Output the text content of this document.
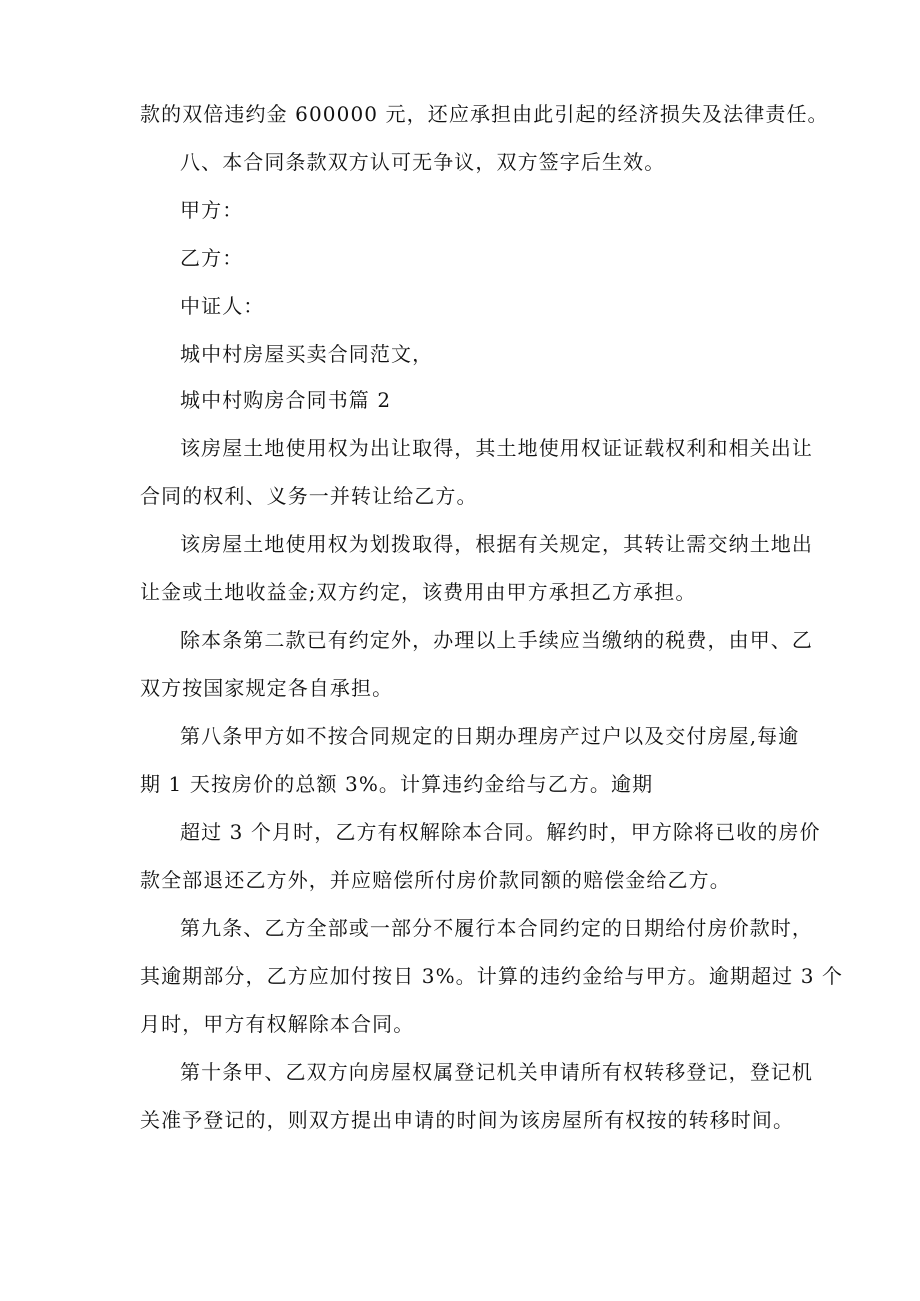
款的双倍违约金 600000 元，还应承担由此引起的经济损失及法律责任。

八、本合同条款双方认可无争议，双方签字后生效。

甲方：

乙方：

中证人：

城中村房屋买卖合同范文，

城中村购房合同书篇 2

该房屋土地使用权为出让取得，其土地使用权证证载权利和相关出让

合同的权利、义务一并转让给乙方。

该房屋土地使用权为划拨取得，根据有关规定，其转让需交纳土地出

让金或土地收益金;双方约定，该费用由甲方承担乙方承担。

除本条第二款已有约定外，办理以上手续应当缴纳的税费，由甲、乙

双方按国家规定各自承担。

第八条甲方如不按合同规定的日期办理房产过户以及交付房屋,每逾

期 1 天按房价的总额 3%。计算违约金给与乙方。逾期

超过 3 个月时，乙方有权解除本合同。解约时，甲方除将已收的房价

款全部退还乙方外，并应赔偿所付房价款同额的赔偿金给乙方。

第九条、乙方全部或一部分不履行本合同约定的日期给付房价款时，

其逾期部分，乙方应加付按日 3%。计算的违约金给与甲方。逾期超过 3 个

月时，甲方有权解除本合同。

第十条甲、乙双方向房屋权属登记机关申请所有权转移登记，登记机

关准予登记的，则双方提出申请的时间为该房屋所有权按的转移时间。
